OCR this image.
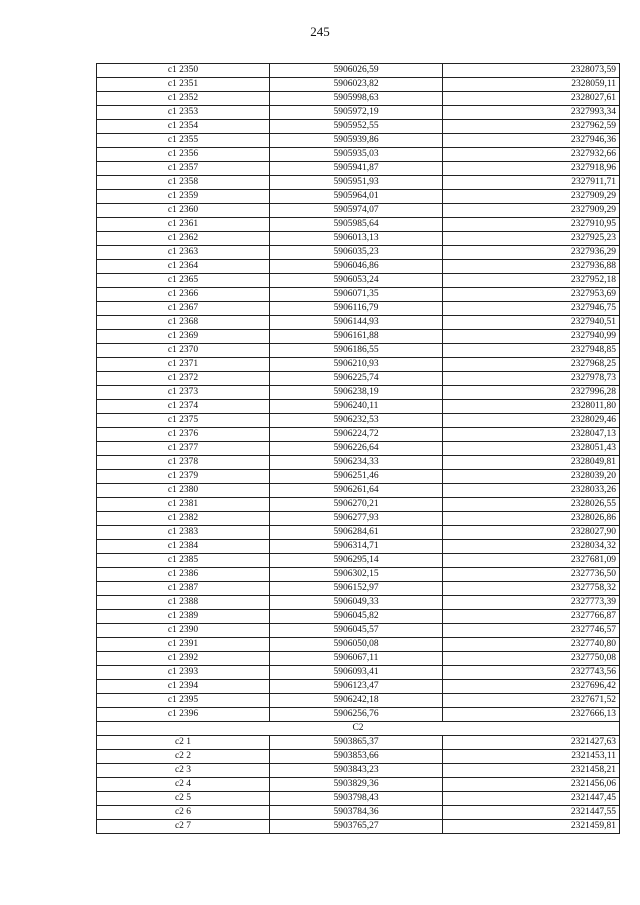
245
c1 2350	5906026,59	2328073,59
c1 2351	5906023,82	2328059,11
c1 2352	5905998,63	2328027,61
c1 2353	5905972,19	2327993,34
c1 2354	5905952,55	2327962,59
c1 2355	5905939,86	2327946,36
c1 2356	5905935,03	2327932,66
c1 2357	5905941,87	2327918,96
c1 2358	5905951,93	2327911,71
c1 2359	5905964,01	2327909,29
c1 2360	5905974,07	2327909,29
c1 2361	5905985,64	2327910,95
c1 2362	5906013,13	2327925,23
c1 2363	5906035,23	2327936,29
c1 2364	5906046,86	2327936,88
c1 2365	5906053,24	2327952,18
c1 2366	5906071,35	2327953,69
c1 2367	5906116,79	2327946,75
c1 2368	5906144,93	2327940,51
c1 2369	5906161,88	2327940,99
c1 2370	5906186,55	2327948,85
c1 2371	5906210,93	2327968,25
c1 2372	5906225,74	2327978,73
c1 2373	5906238,19	2327996,28
c1 2374	5906240,11	2328011,80
c1 2375	5906232,53	2328029,46
c1 2376	5906224,72	2328047,13
c1 2377	5906226,64	2328051,43
c1 2378	5906234,33	2328049,81
c1 2379	5906251,46	2328039,20
c1 2380	5906261,64	2328033,26
c1 2381	5906270,21	2328026,55
c1 2382	5906277,93	2328026,86
c1 2383	5906284,61	2328027,90
c1 2384	5906314,71	2328034,32
c1 2385	5906295,14	2327681,09
c1 2386	5906302,15	2327736,50
c1 2387	5906152,97	2327758,32
c1 2388	5906049,33	2327773,39
c1 2389	5906045,82	2327766,87
c1 2390	5906045,57	2327746,57
c1 2391	5906050,08	2327740,80
c1 2392	5906067,11	2327750,08
c1 2393	5906093,41	2327743,56
c1 2394	5906123,47	2327696,42
c1 2395	5906242,18	2327671,52
c1 2396	5906256,76	2327666,13
C2		
c2 1	5903865,37	2321427,63
c2 2	5903853,66	2321453,11
c2 3	5903843,23	2321458,21
c2 4	5903829,36	2321456,06
c2 5	5903798,43	2321447,45
c2 6	5903784,36	2321447,55
c2 7	5903765,27	2321459,81
